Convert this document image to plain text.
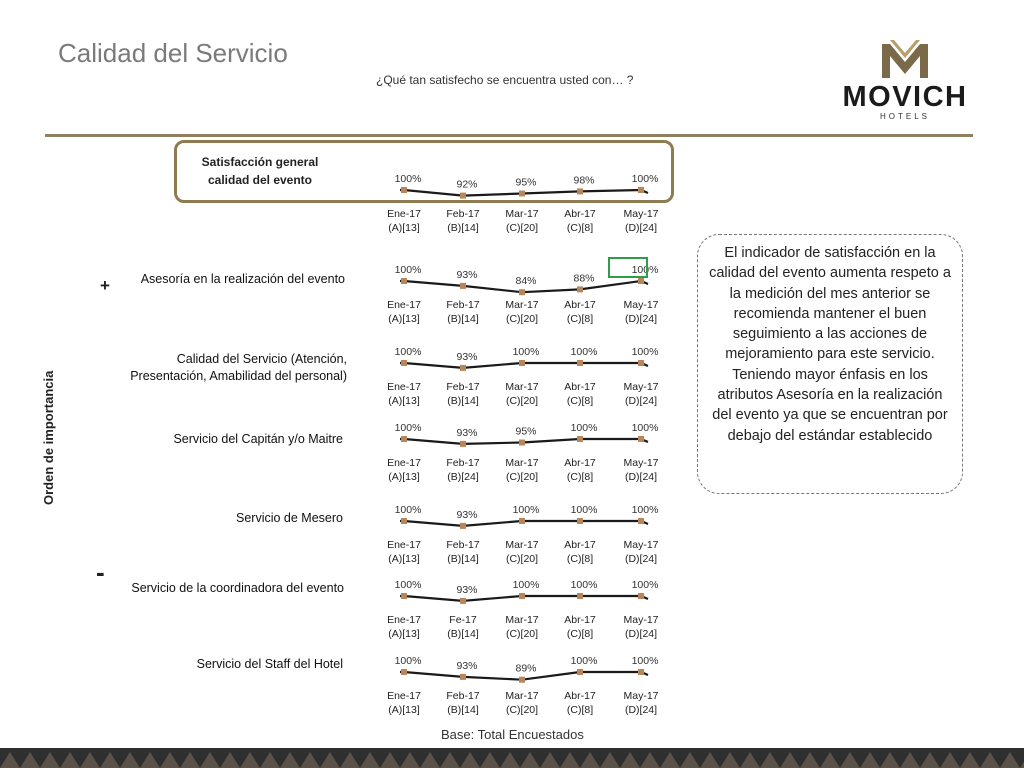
Calidad del Servicio
¿Qué tan satisfecho se encuentra usted con… ?
MOVICH
HOTELS
Satisfacción general
calidad del evento
Asesoría en la realización del evento
Calidad del Servicio (Atención,
Presentación, Amabilidad del personal)
Servicio del Capitán y/o Maitre
Servicio de Mesero
Servicio de la coordinadora del evento
Servicio del Staff del Hotel
Orden de importancia
+
-
100%
Ene-17
(A)[13]
92%
Feb-17
(B)[14]
95%
Mar-17
(C)[20]
98%
Abr-17
(C)[8]
100%
May-17
(D)[24]
100%
Ene-17
(A)[13]
93%
Feb-17
(B)[14]
84%
Mar-17
(C)[20]
88%
Abr-17
(C)[8]
100%
May-17
(D)[24]
100%
Ene-17
(A)[13]
93%
Feb-17
(B)[14]
100%
Mar-17
(C)[20]
100%
Abr-17
(C)[8]
100%
May-17
(D)[24]
100%
Ene-17
(A)[13]
93%
Feb-17
(B)[24]
95%
Mar-17
(C)[20]
100%
Abr-17
(C)[8]
100%
May-17
(D)[24]
100%
Ene-17
(A)[13]
93%
Feb-17
(B)[14]
100%
Mar-17
(C)[20]
100%
Abr-17
(C)[8]
100%
May-17
(D)[24]
100%
Ene-17
(A)[13]
93%
Fe-17
(B)[14]
100%
Mar-17
(C)[20]
100%
Abr-17
(C)[8]
100%
May-17
(D)[24]
100%
Ene-17
(A)[13]
93%
Feb-17
(B)[14]
89%
Mar-17
(C)[20]
100%
Abr-17
(C)[8]
100%
May-17
(D)[24]
El indicador de satisfacción en la calidad del evento aumenta respeto a la medición del mes anterior se recomienda mantener el buen seguimiento a las acciones de mejoramiento para este servicio. Teniendo mayor énfasis en los atributos Asesoría en la realización del evento ya que se encuentran por debajo del estándar establecido
Base: Total Encuestados
